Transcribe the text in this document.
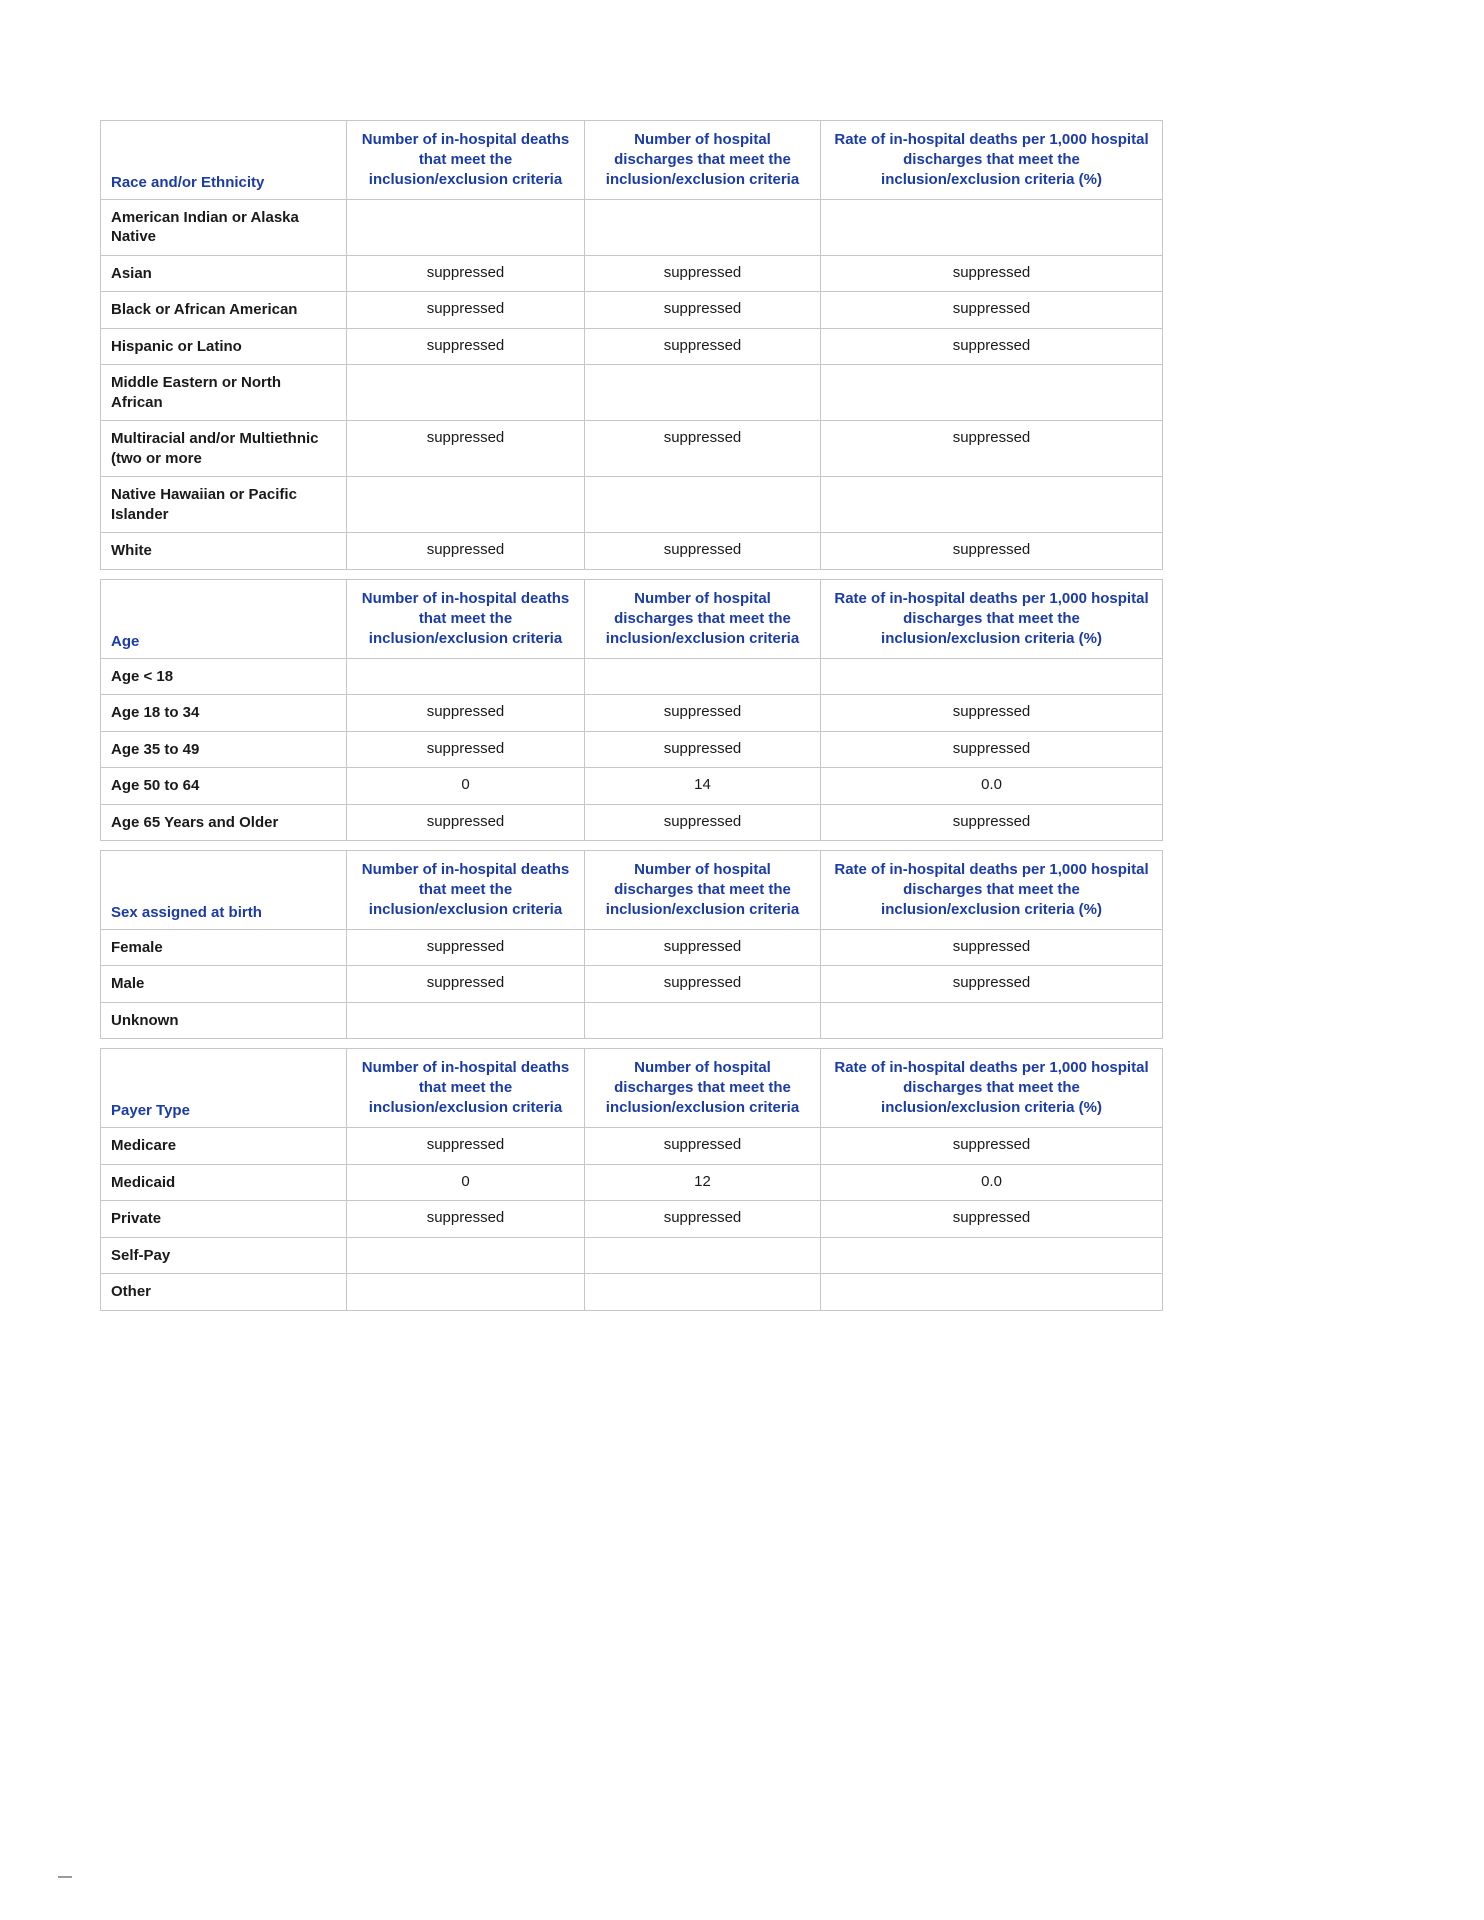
Race and/or Ethnicity	Number of in-hospital deaths that meet the inclusion/exclusion criteria	Number of hospital discharges that meet the inclusion/exclusion criteria	Rate of in-hospital deaths per 1,000 hospital discharges that meet the inclusion/exclusion criteria (%)
American Indian or Alaska Native			
Asian	suppressed	suppressed	suppressed
Black or African American	suppressed	suppressed	suppressed
Hispanic or Latino	suppressed	suppressed	suppressed
Middle Eastern or North African			
Multiracial and/or Multiethnic (two or more	suppressed	suppressed	suppressed
Native Hawaiian or Pacific Islander			
White	suppressed	suppressed	suppressed
Age	Number of in-hospital deaths that meet the inclusion/exclusion criteria	Number of hospital discharges that meet the inclusion/exclusion criteria	Rate of in-hospital deaths per 1,000 hospital discharges that meet the inclusion/exclusion criteria (%)
Age < 18			
Age 18 to 34	suppressed	suppressed	suppressed
Age 35 to 49	suppressed	suppressed	suppressed
Age 50 to 64	0	14	0.0
Age 65 Years and Older	suppressed	suppressed	suppressed
Sex assigned at birth	Number of in-hospital deaths that meet the inclusion/exclusion criteria	Number of hospital discharges that meet the inclusion/exclusion criteria	Rate of in-hospital deaths per 1,000 hospital discharges that meet the inclusion/exclusion criteria (%)
Female	suppressed	suppressed	suppressed
Male	suppressed	suppressed	suppressed
Unknown			
Payer Type	Number of in-hospital deaths that meet the inclusion/exclusion criteria	Number of hospital discharges that meet the inclusion/exclusion criteria	Rate of in-hospital deaths per 1,000 hospital discharges that meet the inclusion/exclusion criteria (%)
Medicare	suppressed	suppressed	suppressed
Medicaid	0	12	0.0
Private	suppressed	suppressed	suppressed
Self-Pay			
Other			
